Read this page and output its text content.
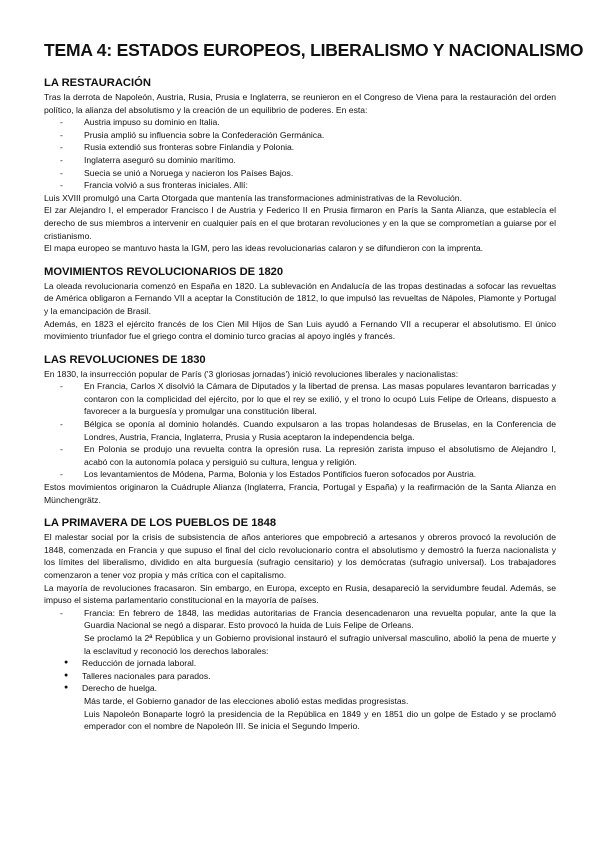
TEMA 4: ESTADOS EUROPEOS, LIBERALISMO Y NACIONALISMO
LA RESTAURACIÓN

Tras la derrota de Napoleón, Austria, Rusia, Prusia e Inglaterra, se reunieron en el Congreso de Viena para la restauración del orden político, la alianza del absolutismo y la creación de un equilibrio de poderes. En esta:

- Austria impuso su dominio en Italia.
- Prusia amplió su influencia sobre la Confederación Germánica.
- Rusia extendió sus fronteras sobre Finlandia y Polonia.
- Inglaterra aseguró su dominio marítimo.
- Suecia se unió a Noruega y nacieron los Países Bajos.
- Francia volvió a sus fronteras iniciales. Allí:

Luis XVIII promulgó una Carta Otorgada que mantenía las transformaciones administrativas de la Revolución.

El zar Alejandro I, el emperador Francisco I de Austria y Federico II en Prusia firmaron en París la Santa Alianza, que establecía el derecho de sus miembros a intervenir en cualquier país en el que brotaran revoluciones y en la que se comprometían a guiarse por el cristianismo.

El mapa europeo se mantuvo hasta la IGM, pero las ideas revolucionarias calaron y se difundieron con la imprenta.

MOVIMIENTOS REVOLUCIONARIOS DE 1820

La oleada revolucionaria comenzó en España en 1820. La sublevación en Andalucía de las tropas destinadas a sofocar las revueltas de América obligaron a Fernando VII a aceptar la Constitución de 1812, lo que impulsó las revueltas de Nápoles, Piamonte y Portugal y la emancipación de Brasil.

Además, en 1823 el ejército francés de los Cien Mil Hijos de San Luis ayudó a Fernando VII a recuperar el absolutismo. El único movimiento triunfador fue el griego contra el dominio turco gracias al apoyo inglés y francés.

LAS REVOLUCIONES DE 1830

En 1830, la insurrección popular de París ('3 gloriosas jornadas') inició revoluciones liberales y nacionalistas:

- En Francia, Carlos X disolvió la Cámara de Diputados y la libertad de prensa. Las masas populares levantaron barricadas y contaron con la complicidad del ejército, por lo que el rey se exilió, y el trono lo ocupó Luis Felipe de Orleans, dispuesto a favorecer a la burguesía y promulgar una constitución liberal.
- Bélgica se oponía al dominio holandés. Cuando expulsaron a las tropas holandesas de Bruselas, en la Conferencia de Londres, Austria, Francia, Inglaterra, Prusia y Rusia aceptaron la independencia belga.
- En Polonia se produjo una revuelta contra la opresión rusa. La represión zarista impuso el absolutismo de Alejandro I, acabó con la autonomía polaca y persiguió su cultura, lengua y religión.
- Los levantamientos de Módena, Parma, Bolonia y los Estados Pontificios fueron sofocados por Austria.

Estos movimientos originaron la Cuádruple Alianza (Inglaterra, Francia, Portugal y España) y la reafirmación de la Santa Alianza en Münchengrätz.

LA PRIMAVERA DE LOS PUEBLOS DE 1848

El malestar social por la crisis de subsistencia de años anteriores que empobreció a artesanos y obreros provocó la revolución de 1848, comenzada en Francia y que supuso el final del ciclo revolucionario contra el absolutismo y demostró la fuerza nacionalista y los límites del liberalismo, dividido en alta burguesía (sufragio censitario) y los demócratas (sufragio universal). Los trabajadores comenzaron a tener voz propia y más crítica con el capitalismo.

La mayoría de revoluciones fracasaron. Sin embargo, en Europa, excepto en Rusia, desapareció la servidumbre feudal. Además, se impuso el sistema parlamentario constitucional en la mayoría de países.

- Francia: En febrero de 1848, las medidas autoritarias de Francia desencadenaron una revuelta popular, ante la que la Guardia Nacional se negó a disparar. Esto provocó la huida de Luis Felipe de Orleans.

Se proclamó la 2ª República y un Gobierno provisional instauró el sufragio universal masculino, abolió la pena de muerte y la esclavitud y reconoció los derechos laborales:

● Reducción de jornada laboral.
● Talleres nacionales para parados.
● Derecho de huelga.

Más tarde, el Gobierno ganador de las elecciones abolió estas medidas progresistas.

Luis Napoleón Bonaparte logró la presidencia de la República en 1849 y en 1851 dio un golpe de Estado y se proclamó emperador con el nombre de Napoleón III. Se inicia el Segundo Imperio.
